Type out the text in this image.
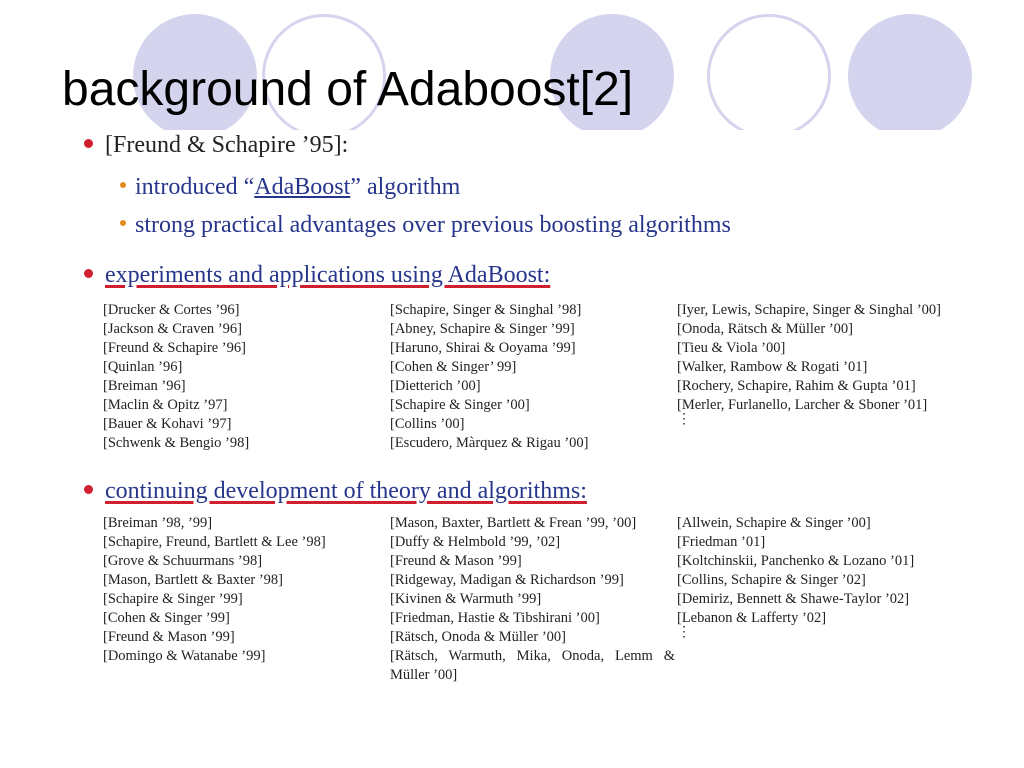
background of Adaboost[2]
[Freund & Schapire ’95]:
introduced “AdaBoost” algorithm
strong practical advantages over previous boosting algorithms
experiments and applications using AdaBoost:
[Drucker & Cortes ’96]
[Jackson & Craven ’96]
[Freund & Schapire ’96]
[Quinlan ’96]
[Breiman ’96]
[Maclin & Opitz ’97]
[Bauer & Kohavi ’97]
[Schwenk & Bengio ’98]
[Schapire, Singer & Singhal ’98]
[Abney, Schapire & Singer ’99]
[Haruno, Shirai & Ooyama ’99]
[Cohen & Singer’ 99]
[Dietterich ’00]
[Schapire & Singer ’00]
[Collins ’00]
[Escudero, Màrquez & Rigau ’00]
[Iyer, Lewis, Schapire, Singer & Singhal ’00]
[Onoda, Rätsch & Müller ’00]
[Tieu & Viola ’00]
[Walker, Rambow & Rogati ’01]
[Rochery, Schapire, Rahim & Gupta ’01]
[Merler, Furlanello, Larcher & Sboner ’01]
⋮
continuing development of theory and algorithms:
[Breiman ’98, ’99]
[Schapire, Freund, Bartlett & Lee ’98]
[Grove & Schuurmans ’98]
[Mason, Bartlett & Baxter ’98]
[Schapire & Singer ’99]
[Cohen & Singer ’99]
[Freund & Mason ’99]
[Domingo & Watanabe ’99]
[Mason, Baxter, Bartlett & Frean ’99, ’00]
[Duffy & Helmbold ’99, ’02]
[Freund & Mason ’99]
[Ridgeway, Madigan & Richardson ’99]
[Kivinen & Warmuth ’99]
[Friedman, Hastie & Tibshirani ’00]
[Rätsch, Onoda & Müller ’00]
[Rätsch, Warmuth, Mika, Onoda, Lemm & Müller ’00]
[Allwein, Schapire & Singer ’00]
[Friedman ’01]
[Koltchinskii, Panchenko & Lozano ’01]
[Collins, Schapire & Singer ’02]
[Demiriz, Bennett & Shawe-Taylor ’02]
[Lebanon & Lafferty ’02]
⋮
